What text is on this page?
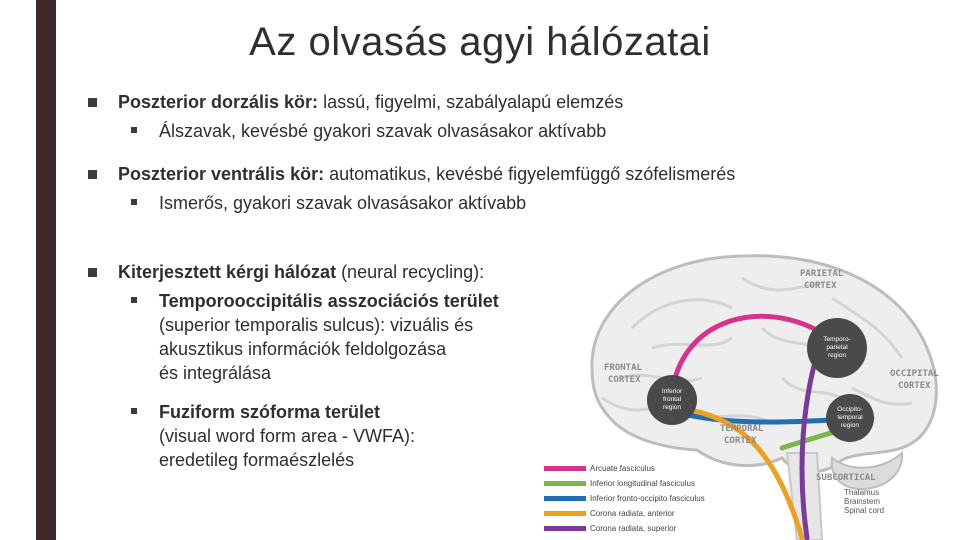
Az olvasás agyi hálózatai
Poszterior dorzális kör: lassú, figyelmi, szabályalapú elemzés
Álszavak, kevésbé gyakori szavak olvasásakor aktívabb
Poszterior ventrális kör: automatikus, kevésbé figyelemfüggő szófelismerés
Ismerős, gyakori szavak olvasásakor aktívabb
Kiterjesztett kérgi hálózat (neural recycling):
Temporooccipitális asszociációs terület
(superior temporalis sulcus): vizuális és
akusztikus információk feldolgozása
és integrálása
Fuziform szóforma terület
(visual word form area - VWFA):
eredetileg formaészlelés
Temporo-
parietal
region
Inferior
frontal
region	Occipito-
temporal
region
PARIETAL
CORTEX
FRONTAL
CORTEX
OCCIPITAL
CORTEX
TEMPORAL
CORTEX
SUBCORTICAL
Thalamus
Brainstem
Spinal cord
Arcuate fasciculus
Inferior longitudinal fasciculus
Inferior fronto-occipito fasciculus
Corona radiata, anterior
Corona radiata, superior
